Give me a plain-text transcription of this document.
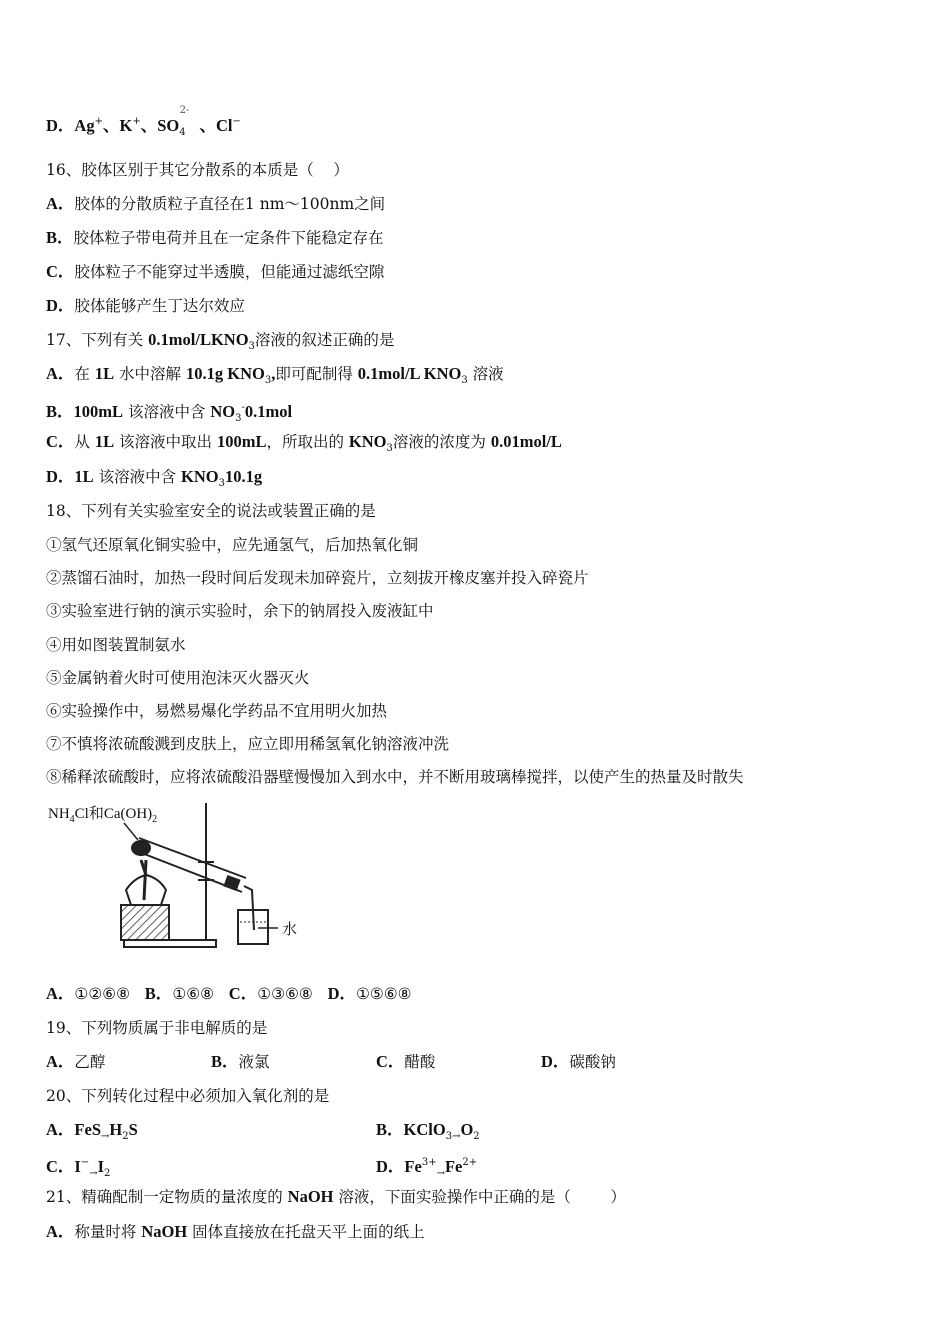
D．Ag+、K+、$SO_4^{2-}$ 、Cl−
16、胶体区别于其它分散系的本质是（    ）
A．胶体的分散质粒子直径在1 nm～100nm之间
B．胶体粒子带电荷并且在一定条件下能稳定存在
C．胶体粒子不能穿过半透膜，但能通过滤纸空隙
D．胶体能够产生丁达尔效应
17、下列有关 $0.1mol/LKNO_3$溶液的叙述正确的是
A．在 1L 水中溶解 10.1g $KNO_3$,即可配制得 0.1mol/L $KNO_3$ 溶液
B．100mL 该溶液中含 $NO_3^-0.1mol$
C．从 1L 该溶液中取出 100mL，所取出的 $KNO_3$溶液的浓度为 0.01mol/L
D．1L 该溶液中含 $KNO_310.1g$
18、下列有关实验室安全的说法或装置正确的是
①氢气还原氧化铜实验中，应先通氢气，后加热氧化铜
②蒸馏石油时，加热一段时间后发现未加碎瓷片，立刻拔开橡皮塞并投入碎瓷片
③实验室进行钠的演示实验时，余下的钠屑投入废液缸中
④用如图装置制氨水
⑤金属钠着火时可使用泡沫灭火器灭火
⑥实验操作中，易燃易爆化学药品不宜用明火加热
⑦不慎将浓硫酸溅到皮肤上，应立即用稀氢氧化钠溶液冲洗
⑧稀释浓硫酸时，应将浓硫酸沿器壁慢慢加入到水中，并不断用玻璃棒搅拌，以使产生的热量及时散失
A．①②⑥⑧   B．①⑥⑧   C．①③⑥⑧   D．①⑤⑥⑧
19、下列物质属于非电解质的是
20、下列转化过程中必须加入氧化剂的是
21、精确配制一定物质的量浓度的 NaOH 溶液，下面实验操作中正确的是（        ）
A．称量时将 NaOH 固体直接放在托盘天平上面的纸上
A．乙醇	B．液氯	C．醋酸	D．碳酸钠
A．$FeS_\to H_2S$	B．$KClO_{3\to}O_2$
C．$I^-_\to I_2$	D．$Fe^{3+}_\to Fe^{2+}$
$NH_4Cl$和$Ca(OH)_2$
水
